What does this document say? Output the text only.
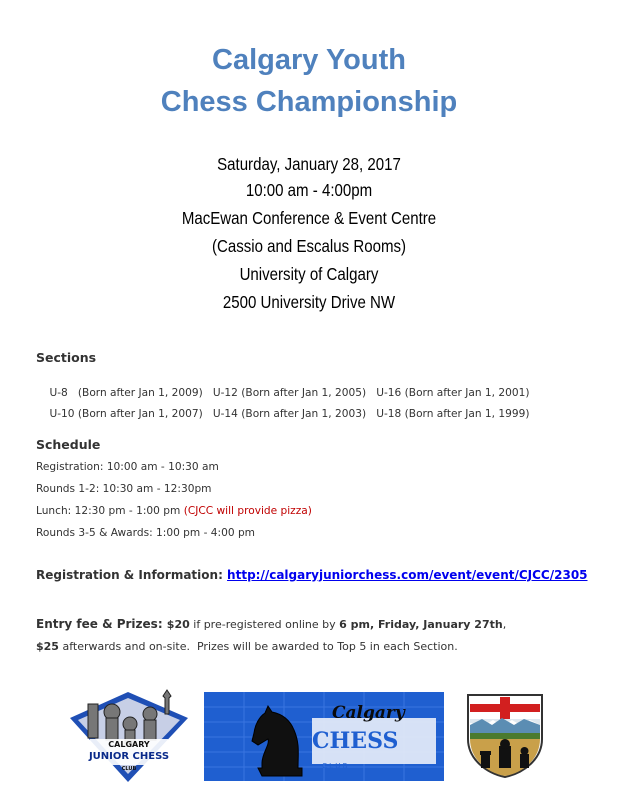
Calgary Youth
Chess Championship
Saturday, January 28, 2017
10:00 am - 4:00pm
MacEwan Conference & Event Centre
(Cassio and Escalus Rooms)
University of Calgary
2500 University Drive NW
Sections

U-8 (Born after Jan 1, 2009) U-12 (Born after Jan 1, 2005) U-16 (Born after Jan 1, 2001)

U-10 (Born after Jan 1, 2007) U-14 (Born after Jan 1, 2003) U-18 (Born after Jan 1, 1999)

Schedule
Registration: 10:00 am - 10:30 am
Rounds 1-2: 10:30 am - 12:30pm
Lunch: 12:30 pm - 1:00 pm (CJCC will provide pizza)
Rounds 3-5 & Awards: 1:00 pm - 4:00 pm
Registration & Information: http://calgaryjuniorchess.com/event/event/CJCC/2305
Entry fee & Prizes: $20 if pre-registered online by 6 pm, Friday, January 27th,
$25 afterwards and on-site.  Prizes will be awarded to Top 5 in each Section.
CALGARY
JUNIOR CHESS
CLUB
Calgary
CHESS
C L U B
